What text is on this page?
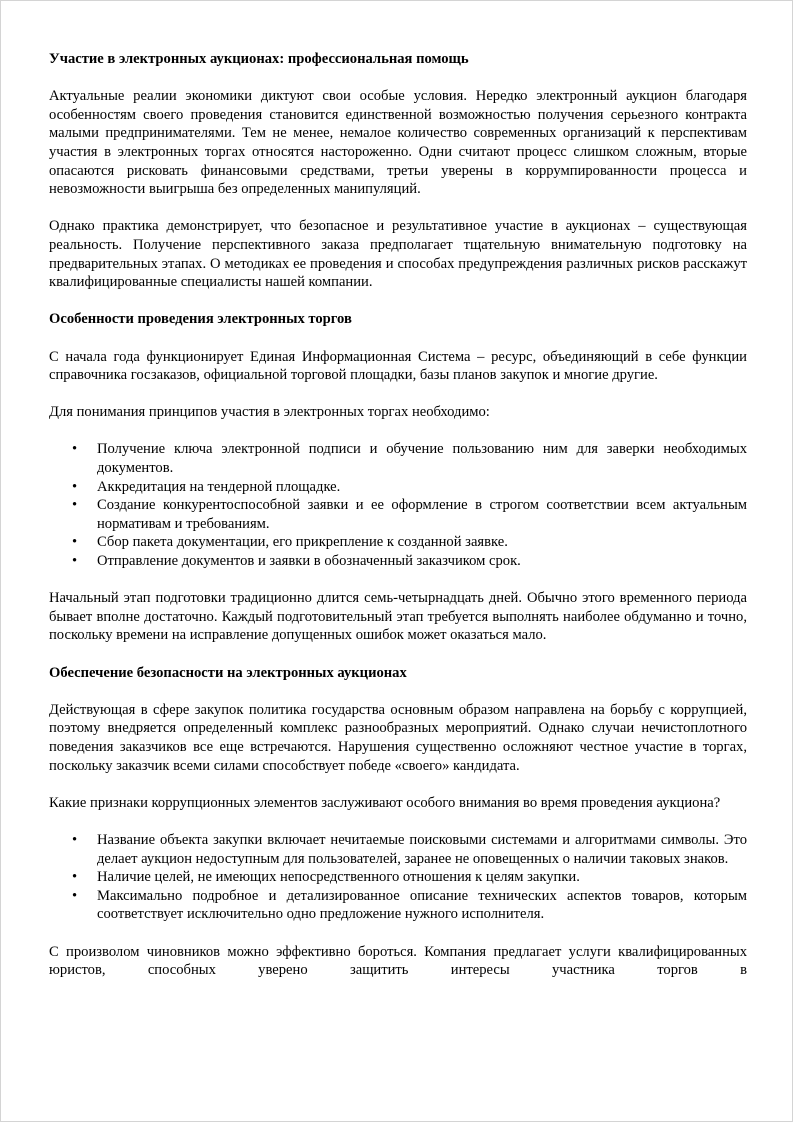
Участие в электронных аукционах: профессиональная помощь

Актуальные реалии экономики диктуют свои особые условия. Нередко электронный аукцион благодаря особенностям своего проведения становится единственной возможностью получения серьезного контракта малыми предпринимателями. Тем не менее, немалое количество современных организаций к перспективам участия в электронных торгах относятся настороженно. Одни считают процесс слишком сложным, вторые опасаются рисковать финансовыми средствами, третьи уверены в коррумпированности процесса и невозможности выигрыша без определенных манипуляций.

Однако практика демонстрирует, что безопасное и результативное участие в аукционах – существующая реальность. Получение перспективного заказа предполагает тщательную внимательную подготовку на предварительных этапах. О методиках ее проведения и способах предупреждения различных рисков расскажут квалифицированные специалисты нашей компании.

Особенности проведения электронных торгов

С начала года функционирует Единая Информационная Система – ресурс, объединяющий в себе функции справочника госзаказов, официальной торговой площадки, базы планов закупок и многие другие.

Для понимания принципов участия в электронных торгах необходимо:

• Получение ключа электронной подписи и обучение пользованию ним для заверки необходимых документов.
• Аккредитация на тендерной площадке.
• Создание конкурентоспособной заявки и ее оформление в строгом соответствии всем актуальным нормативам и требованиям.
• Сбор пакета документации, его прикрепление к созданной заявке.
• Отправление документов и заявки в обозначенный заказчиком срок.

Начальный этап подготовки традиционно длится семь-четырнадцать дней. Обычно этого временного периода бывает вполне достаточно. Каждый подготовительный этап требуется выполнять наиболее обдуманно и точно, поскольку времени на исправление допущенных ошибок может оказаться мало.

Обеспечение безопасности на электронных аукционах

Действующая в сфере закупок политика государства основным образом направлена на борьбу с коррупцией, поэтому внедряется определенный комплекс разнообразных мероприятий. Однако случаи нечистоплотного поведения заказчиков все еще встречаются. Нарушения существенно осложняют честное участие в торгах, поскольку заказчик всеми силами способствует победе «своего» кандидата.

Какие признаки коррупционных элементов заслуживают особого внимания во время проведения аукциона?

• Название объекта закупки включает нечитаемые поисковыми системами и алгоритмами символы. Это делает аукцион недоступным для пользователей, заранее не оповещенных о наличии таковых знаков.
• Наличие целей, не имеющих непосредственного отношения к целям закупки.
• Максимально подробное и детализированное описание технических аспектов товаров, которым соответствует исключительно одно предложение нужного исполнителя.

С произволом чиновников можно эффективно бороться. Компания предлагает услуги квалифицированных юристов, способных уверено защитить интересы участника торгов в
